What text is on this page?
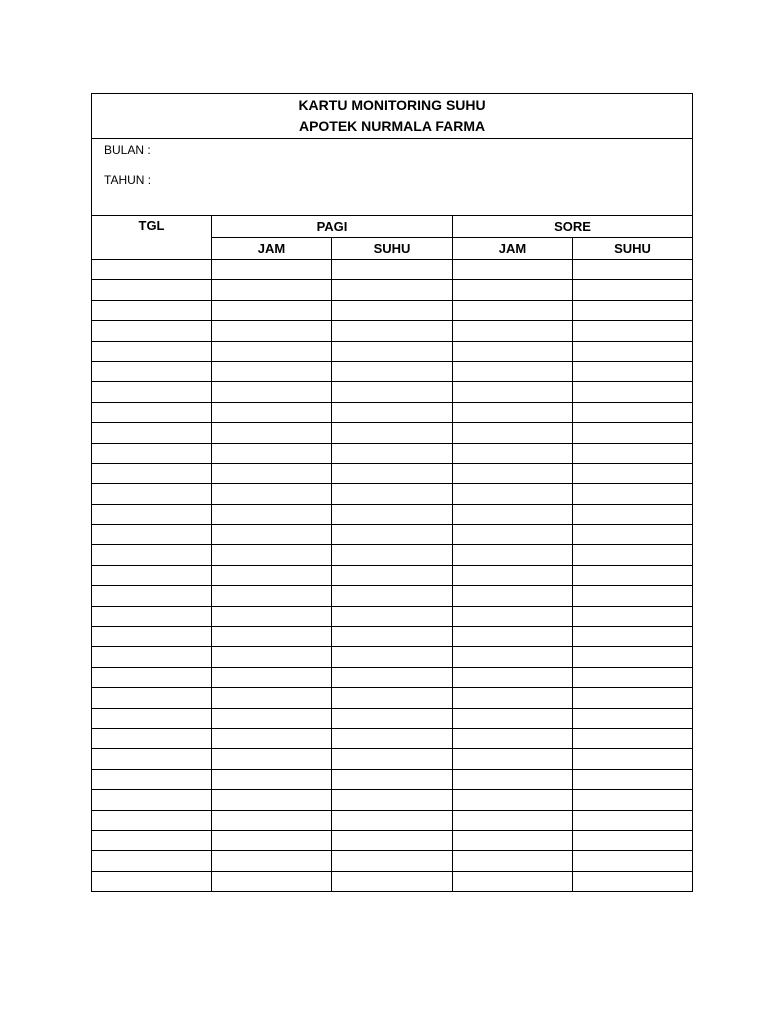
KARTU MONITORING SUHU
APOTEK NURMALA FARMA				

BULAN :
TAHUN :				

TGL	PAGI		SORE	
	JAM	SUHU	JAM	SUHU
